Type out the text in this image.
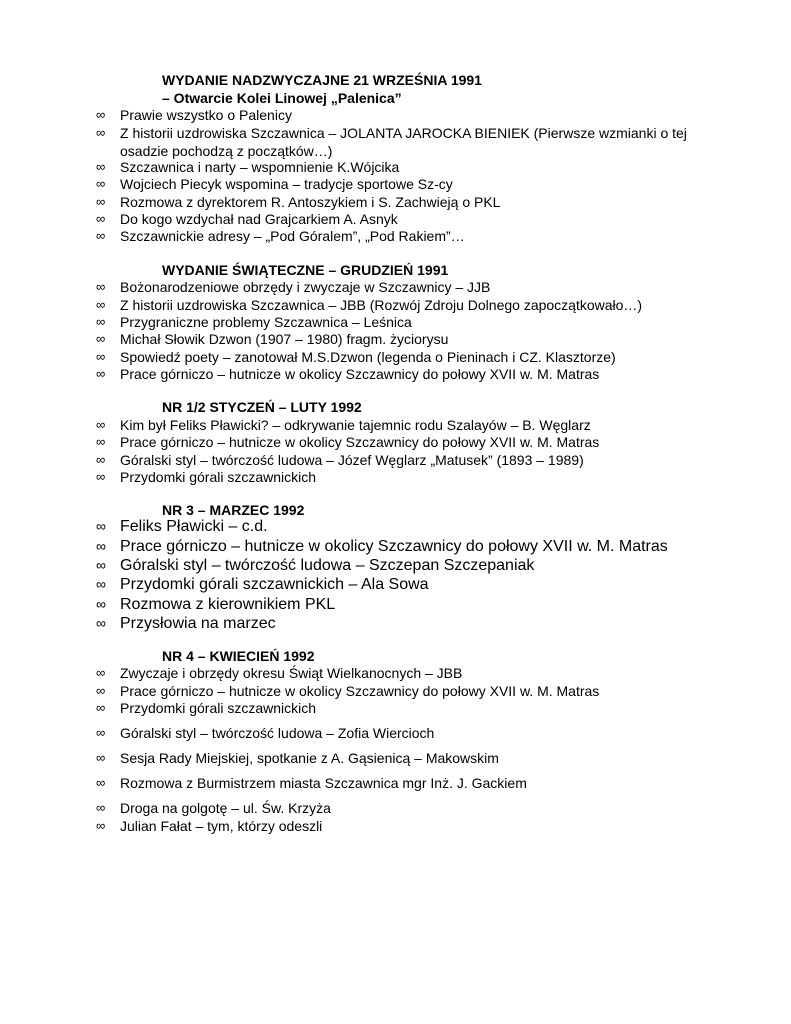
WYDANIE NADZWYCZAJNE 21 WRZEŚNIA 1991
– Otwarcie Kolei Linowej „Palenica”
∞	Prawie wszystko o Palenicy
∞	Z historii uzdrowiska Szczawnica – JOLANTA JAROCKA BIENIEK (Pierwsze wzmianki o tej osadzie pochodzą z początków…)
∞	Szczawnica i narty – wspomnienie K.Wójcika
∞	Wojciech Piecyk wspomina – tradycje sportowe Sz-cy
∞	Rozmowa z dyrektorem R. Antoszykiem i S. Zachwieją o PKL
∞	Do kogo wzdychał nad Grajcarkiem A. Asnyk
∞	Szczawnickie adresy – „Pod Góralem”, „Pod Rakiem”…
WYDANIE ŚWIĄTECZNE – GRUDZIEŃ 1991
∞	Bożonarodzeniowe obrzędy i zwyczaje w Szczawnicy – JJB
∞	Z historii uzdrowiska Szczawnica – JBB (Rozwój Zdroju Dolnego zapoczątkowało…)
∞	Przygraniczne problemy Szczawnica – Leśnica
∞	Michał Słowik Dzwon (1907 – 1980) fragm. życiorysu
∞	Spowiedź poety – zanotował M.S.Dzwon (legenda o Pieninach i CZ. Klasztorze)
∞	Prace górniczo – hutnicze w okolicy Szczawnicy do połowy XVII w. M. Matras
NR 1/2 STYCZEŃ – LUTY 1992
∞	Kim był Feliks Pławicki? – odkrywanie tajemnic rodu Szalayów – B. Węglarz
∞	Prace górniczo – hutnicze w okolicy Szczawnicy do połowy XVII w. M. Matras
∞	Góralski styl – twórczość ludowa – Józef Węglarz „Matusek” (1893 – 1989)
∞	Przydomki górali szczawnickich
NR 3 – MARZEC 1992
∞ Feliks Pławicki – c.d.
∞ Prace górniczo – hutnicze w okolicy Szczawnicy do połowy XVII w. M. Matras
∞ Góralski styl – twórczość ludowa – Szczepan Szczepaniak
∞ Przydomki górali szczawnickich – Ala Sowa
∞ Rozmowa z kierownikiem PKL
∞ Przysłowia na marzec
NR 4 – KWIECIEŃ 1992
∞	Zwyczaje i obrzędy okresu Świąt Wielkanocnych – JBB
∞	Prace górniczo – hutnicze w okolicy Szczawnicy do połowy XVII w. M. Matras
∞	Przydomki górali szczawnickich
∞	Góralski styl – twórczość ludowa – Zofia Wiercioch
∞	Sesja Rady Miejskiej, spotkanie z A. Gąsienicą – Makowskim
∞	Rozmowa z Burmistrzem miasta Szczawnica mgr Inż. J. Gackiem
∞	Droga na golgotę – ul. Św. Krzyża
∞	Julian Fałat – tym, którzy odeszli
